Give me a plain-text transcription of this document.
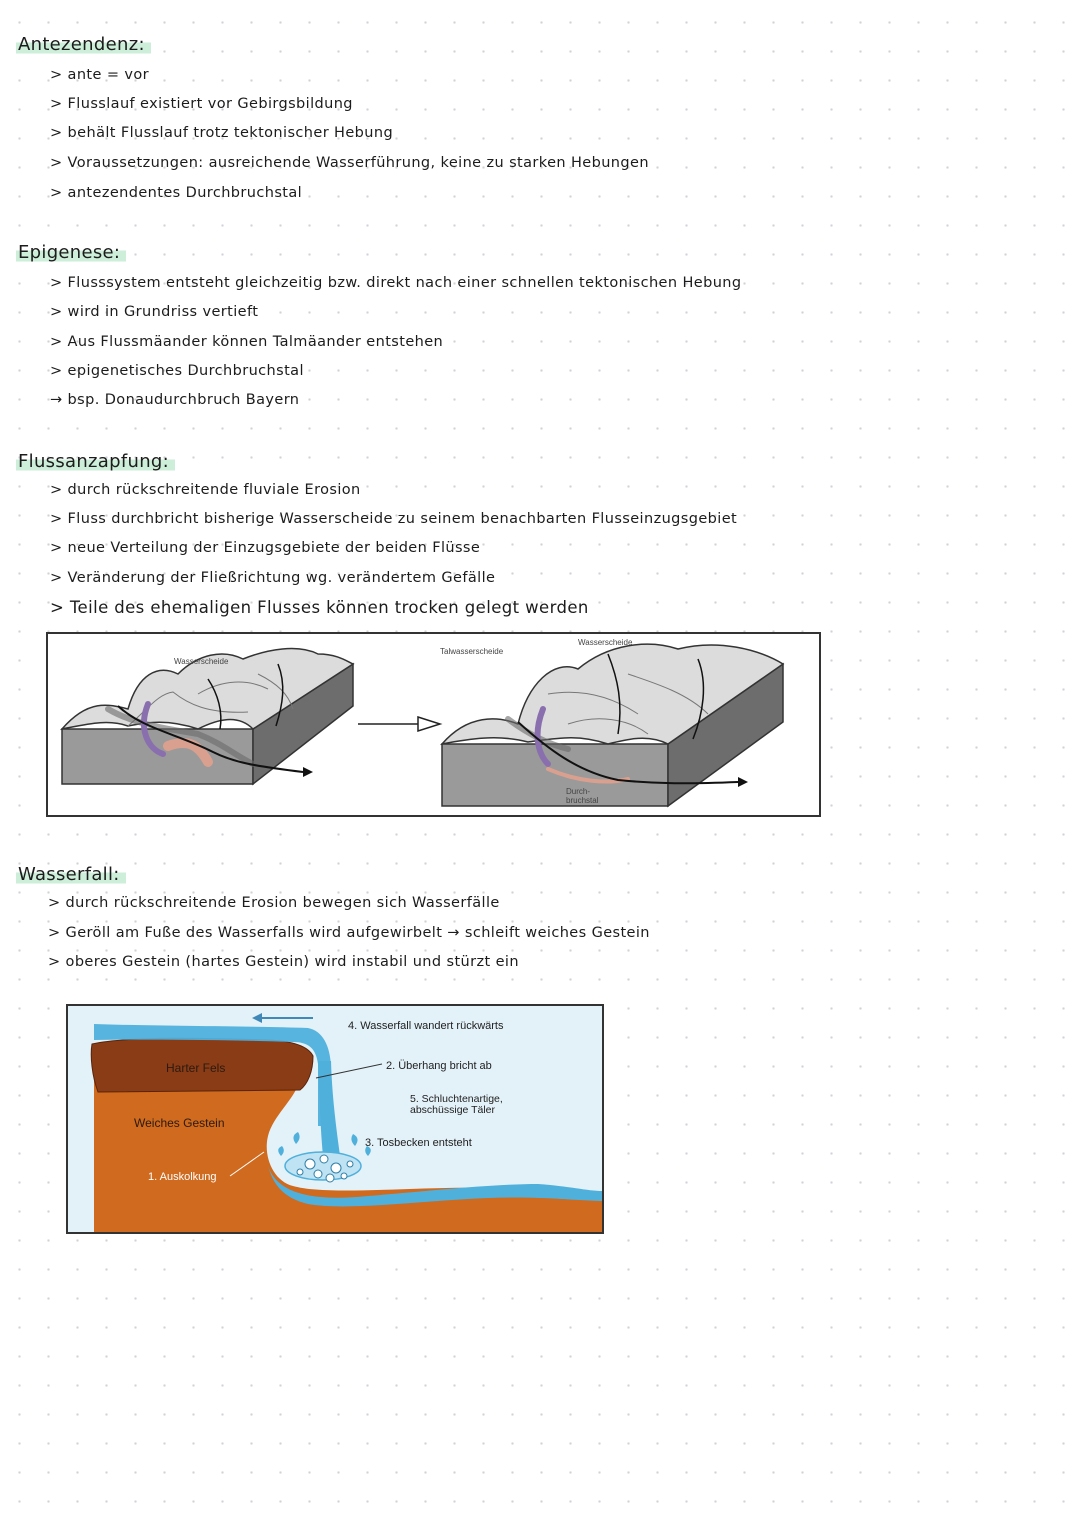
Antezendenz:

> ante = vor

> Flusslauf existiert vor Gebirgsbildung

> behält Flusslauf trotz tektonischer Hebung

> Voraussetzungen: ausreichende Wasserführung, keine zu starken Hebungen

> antezendentes Durchbruchstal

Epigenese:

> Flusssystem entsteht gleichzeitig bzw. direkt nach einer schnellen tektonischen Hebung

> wird in Grundriss vertieft

> Aus Flussmäander können Talmäander entstehen

> epigenetisches Durchbruchstal

→ bsp. Donaudurchbruch Bayern

Flussanzapfung:

> durch rückschreitende fluviale Erosion

> Fluss durchbricht bisherige Wasserscheide zu seinem benachbarten Flusseinzugsgebiet

> neue Verteilung der Einzugsgebiete der beiden Flüsse

> Veränderung der Fließrichtung wg. verändertem Gefälle

> Teile des ehemaligen Flusses können trocken gelegt werden

Wasserscheide
Talwasserscheide
Wasserscheide
Durch-
bruchstal
Wasserfall:

> durch rückschreitende Erosion bewegen sich Wasserfälle

> Geröll am Fuße des Wasserfalls wird aufgewirbelt → schleift weiches Gestein

> oberes Gestein (hartes Gestein) wird instabil und stürzt ein

Harter Fels
Weiches Gestein
1. Auskolkung
2. Überhang bricht ab
3. Tosbecken entsteht
4. Wasserfall wandert rückwärts
5. Schluchtenartige,
abschüssige Täler
